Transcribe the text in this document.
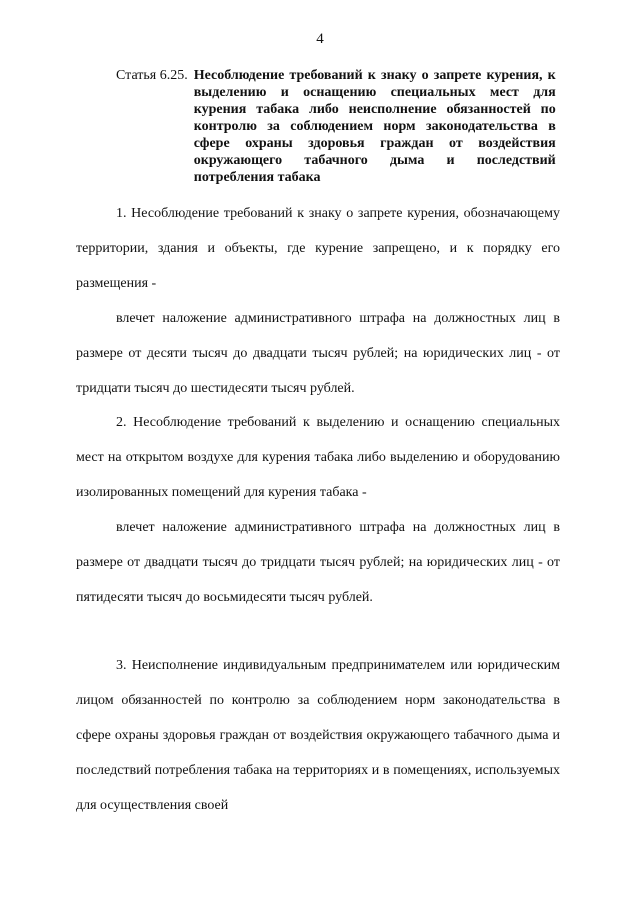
4
Статья 6.25. Несоблюдение требований к знаку о запрете курения, к выделению и оснащению специальных мест для курения табака либо неисполнение обязанностей по контролю за соблюдением норм законодательства в сфере охраны здоровья граждан от воздействия окружающего табачного дыма и последствий потребления табака

1. Несоблюдение требований к знаку о запрете курения, обозначающему территории, здания и объекты, где курение запрещено, и к порядку его размещения -

влечет наложение административного штрафа на должностных лиц в размере от десяти тысяч до двадцати тысяч рублей; на юридических лиц - от тридцати тысяч до шестидесяти тысяч рублей.

2. Несоблюдение требований к выделению и оснащению специальных мест на открытом воздухе для курения табака либо выделению и оборудованию изолированных помещений для курения табака -

влечет наложение административного штрафа на должностных лиц в размере от двадцати тысяч до тридцати тысяч рублей; на юридических лиц - от пятидесяти тысяч до восьмидесяти тысяч рублей.

3. Неисполнение индивидуальным предпринимателем или юридическим лицом обязанностей по контролю за соблюдением норм законодательства в сфере охраны здоровья граждан от воздействия окружающего табачного дыма и последствий потребления табака на территориях и в помещениях, используемых для осуществления своей
